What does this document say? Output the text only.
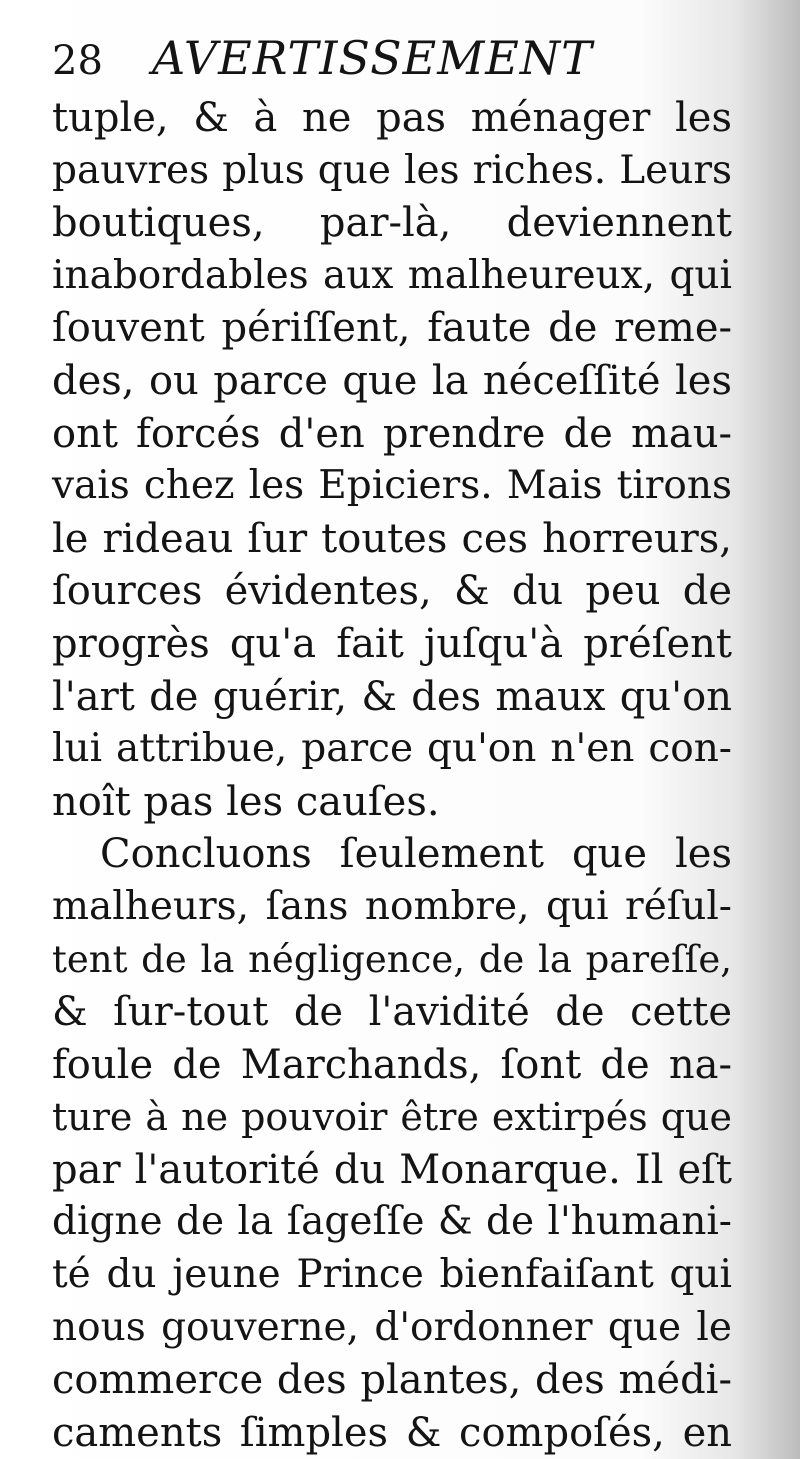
28	AVERTISSEMENT
tuple, & à ne pas ménager les
pauvres plus que les riches. Leurs
boutiques, par-là, deviennent
inabordables aux malheureux, qui
ſouvent périſſent, faute de reme-
des, ou parce que la néceſſité les
ont forcés d'en prendre de mau-
vais chez les Epiciers. Mais tirons
le rideau ſur toutes ces horreurs,
ſources évidentes, & du peu de
progrès qu'a fait juſqu'à préſent
l'art de guérir, & des maux qu'on
lui attribue, parce qu'on n'en con-
noît pas les cauſes.
Concluons ſeulement que les
malheurs, ſans nombre, qui réſul-
tent de la négligence, de la pareſſe,
& ſur-tout de l'avidité de cette
foule de Marchands, ſont de na-
ture à ne pouvoir être extirpés que
par l'autorité du Monarque. Il eſt
digne de la ſageſſe & de l'humani-
té du jeune Prince bienfaiſant qui
nous gouverne, d'ordonner que le
commerce des plantes, des médi-
caments ſimples & compoſés, en
